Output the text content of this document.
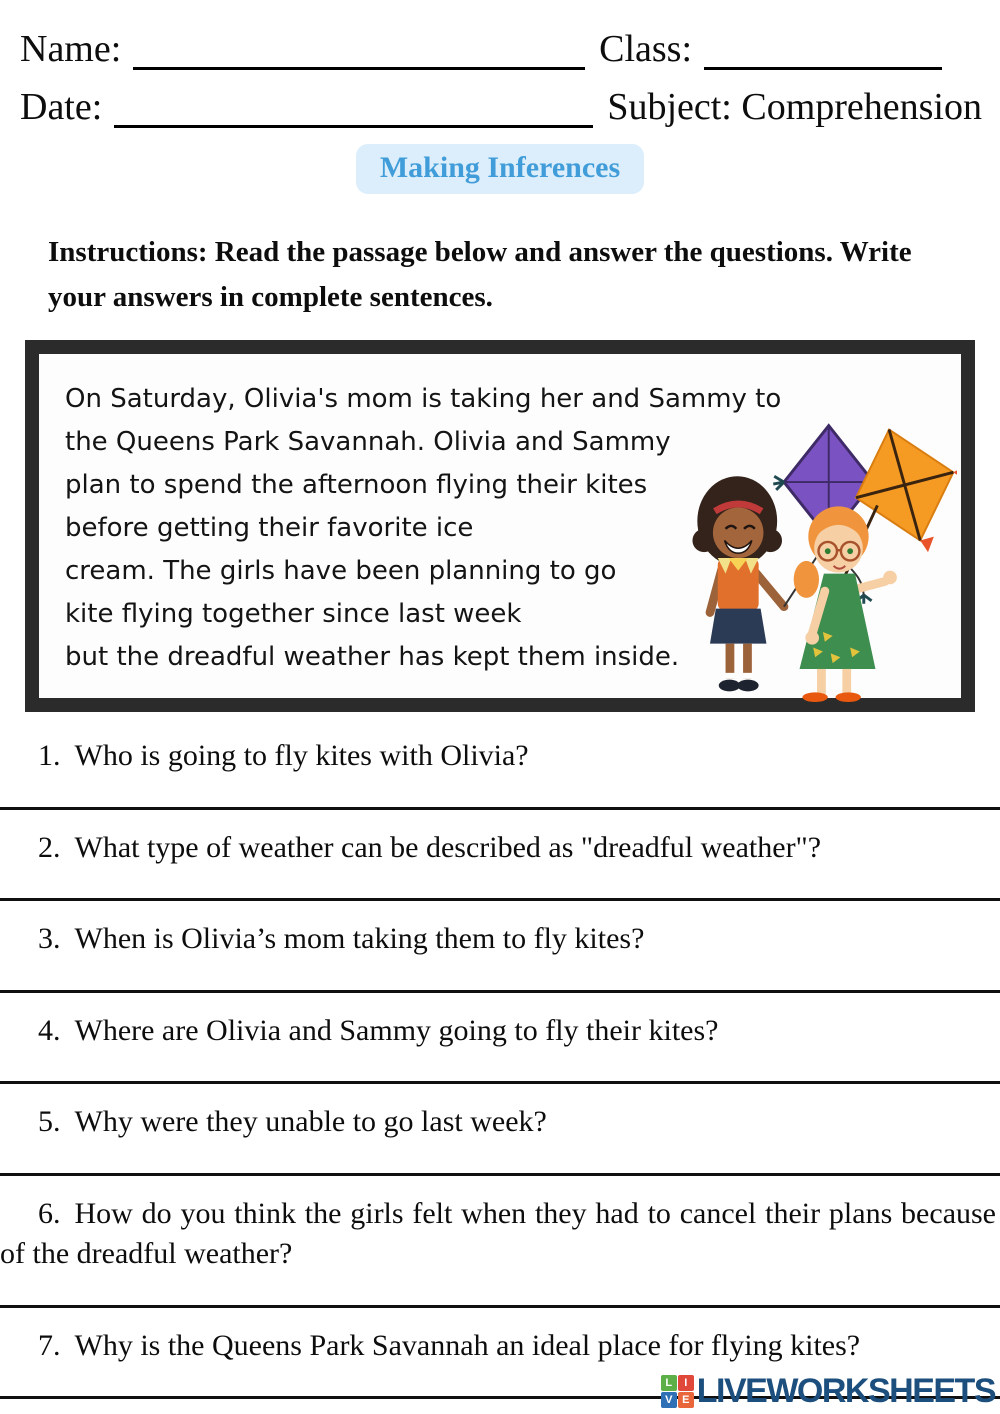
Name:	Class:
Date:	Subject: Comprehension
Making Inferences

Instructions: Read the passage below and answer the questions. Write your answers in complete sentences.

On Saturday, Olivia's mom is taking her and Sammy to
the Queens Park Savannah. Olivia and Sammy
plan to spend the afternoon flying their kites
before getting their favorite ice
cream. The girls have been planning to go
kite flying together since last week
but the dreadful weather has kept them inside.

1. Who is going to fly kites with Olivia?

2. What type of weather can be described as "dreadful weather"?

3. When is Olivia’s mom taking them to fly kites?

4. Where are Olivia and Sammy going to fly their kites?

5. Why were they unable to go last week?

6. How do you think the girls felt when they had to cancel their plans because of the dreadful weather?

7. Why is the Queens Park Savannah an ideal place for flying kites?

L	I
V E LIVEWORKSHEETS
